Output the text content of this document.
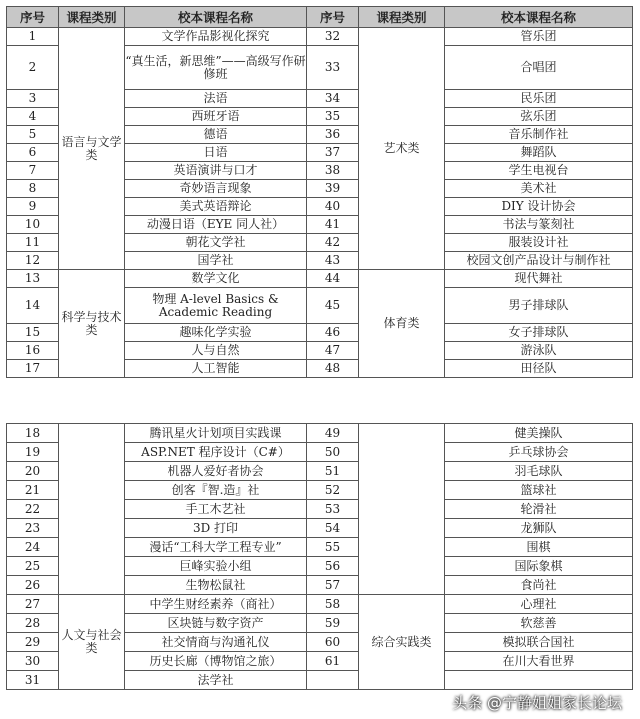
序号	课程类别	校本课程名称	序号	课程类别	校本课程名称
1	语言与文学类	文学作品影视化探究	32	艺术类	管乐团
2		“真生活，新思维”——高级写作研修班	33		合唱团
3		法语	34		民乐团
4		西班牙语	35		弦乐团
5		德语	36		音乐制作社
6		日语	37		舞蹈队
7		英语演讲与口才	38		学生电视台
8		奇妙语言现象	39		美术社
9		美式英语辩论	40		DIY 设计协会
10		动漫日语（EYE 同人社）	41		书法与篆刻社
11		朝花文学社	42		服装设计社
12		国学社	43		校园文创产品设计与制作社
13	科学与技术类	数学文化	44	体育类	现代舞社
14		物理 A-level Basics & Academic Reading	45		男子排球队
15		趣味化学实验	46		女子排球队
16		人与自然	47		游泳队
17		人工智能	48		田径队
18		腾讯星火计划项目实践课	49		健美操队
19		ASP.NET 程序设计（C#）	50		乒乓球协会
20		机器人爱好者协会	51		羽毛球队
21		创客『智.造』社	52		篮球社
22		手工木艺社	53		轮滑社
23		3D 打印	54		龙狮队
24		漫话“工科大学工程专业”	55		围棋
25		巨峰实验小组	56		国际象棋
26		生物松鼠社	57		食尚社
27	人文与社会类	中学生财经素养（商社）	58	综合实践类	心理社
28		区块链与数字资产	59		软慈善
29		社交情商与沟通礼仪	60		模拟联合国社
30		历史长廊（博物馆之旅）	61		在川大看世界
31		法学社			
头条 @宁静姐姐家长论坛
